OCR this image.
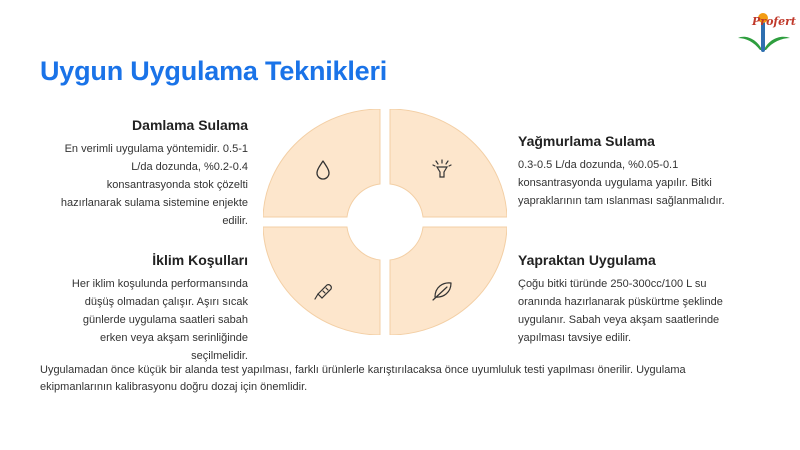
Uygun Uygulama Teknikleri
Profert
Damlama Sulama
En verimli uygulama yöntemidir. 0.5-1 L/da dozunda, %0.2-0.4 konsantrasyonda stok çözelti hazırlanarak sulama sistemine enjekte edilir.
İklim Koşulları
Her iklim koşulunda performansında düşüş olmadan çalışır. Aşırı sıcak günlerde uygulama saatleri sabah erken veya akşam serinliğinde seçilmelidir.
Yağmurlama Sulama
0.3-0.5 L/da dozunda, %0.05-0.1 konsantrasyonda uygulama yapılır. Bitki yapraklarının tam ıslanması sağlanmalıdır.
Yapraktan Uygulama
Çoğu bitki türünde 250-300cc/100 L su oranında hazırlanarak püskürtme şeklinde uygulanır. Sabah veya akşam saatlerinde yapılması tavsiye edilir.
Uygulamadan önce küçük bir alanda test yapılması, farklı ürünlerle karıştırılacaksa önce uyumluluk testi yapılması önerilir. Uygulama ekipmanlarının kalibrasyonu doğru dozaj için önemlidir.
